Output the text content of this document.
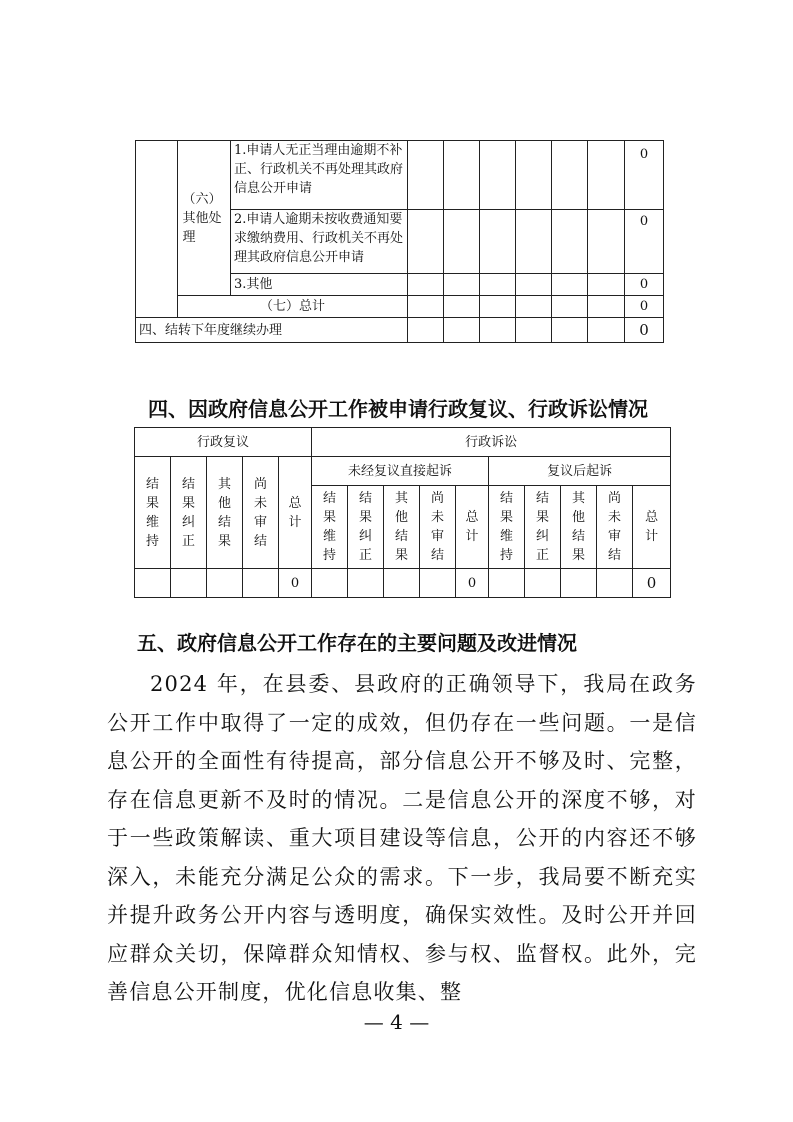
	（六）其他处理	1.申请人无正当理由逾期不补正、行政机关不再处理其政府信息公开申请							0
		2.申请人逾期未按收费通知要求缴纳费用、行政机关不再处理其政府信息公开申请							0
		3.其他							0
	（七）总计								0
四、结转下年度继续办理									0
四、因政府信息公开工作被申请行政复议、行政诉讼情况
行政复议					行政诉讼									

结果维持	结果纠正	其他结果	尚未审结	总计	未经复议直接起诉					复议后起诉				

					结果维持	结果纠正	其他结果	尚未审结	总计	结果维持	结果纠正	其他结果	尚未审结	总计

				0					0					0
五、政府信息公开工作存在的主要问题及改进情况
2024 年，在县委、县政府的正确领导下，我局在政务公开工作中取得了一定的成效，但仍存在一些问题。一是信息公开的全面性有待提高，部分信息公开不够及时、完整，存在信息更新不及时的情况。二是信息公开的深度不够，对于一些政策解读、重大项目建设等信息，公开的内容还不够深入，未能充分满足公众的需求。下一步，我局要不断充实并提升政务公开内容与透明度，确保实效性。及时公开并回应群众关切，保障群众知情权、参与权、监督权。此外，完善信息公开制度，优化信息收集、整
— 4 —
